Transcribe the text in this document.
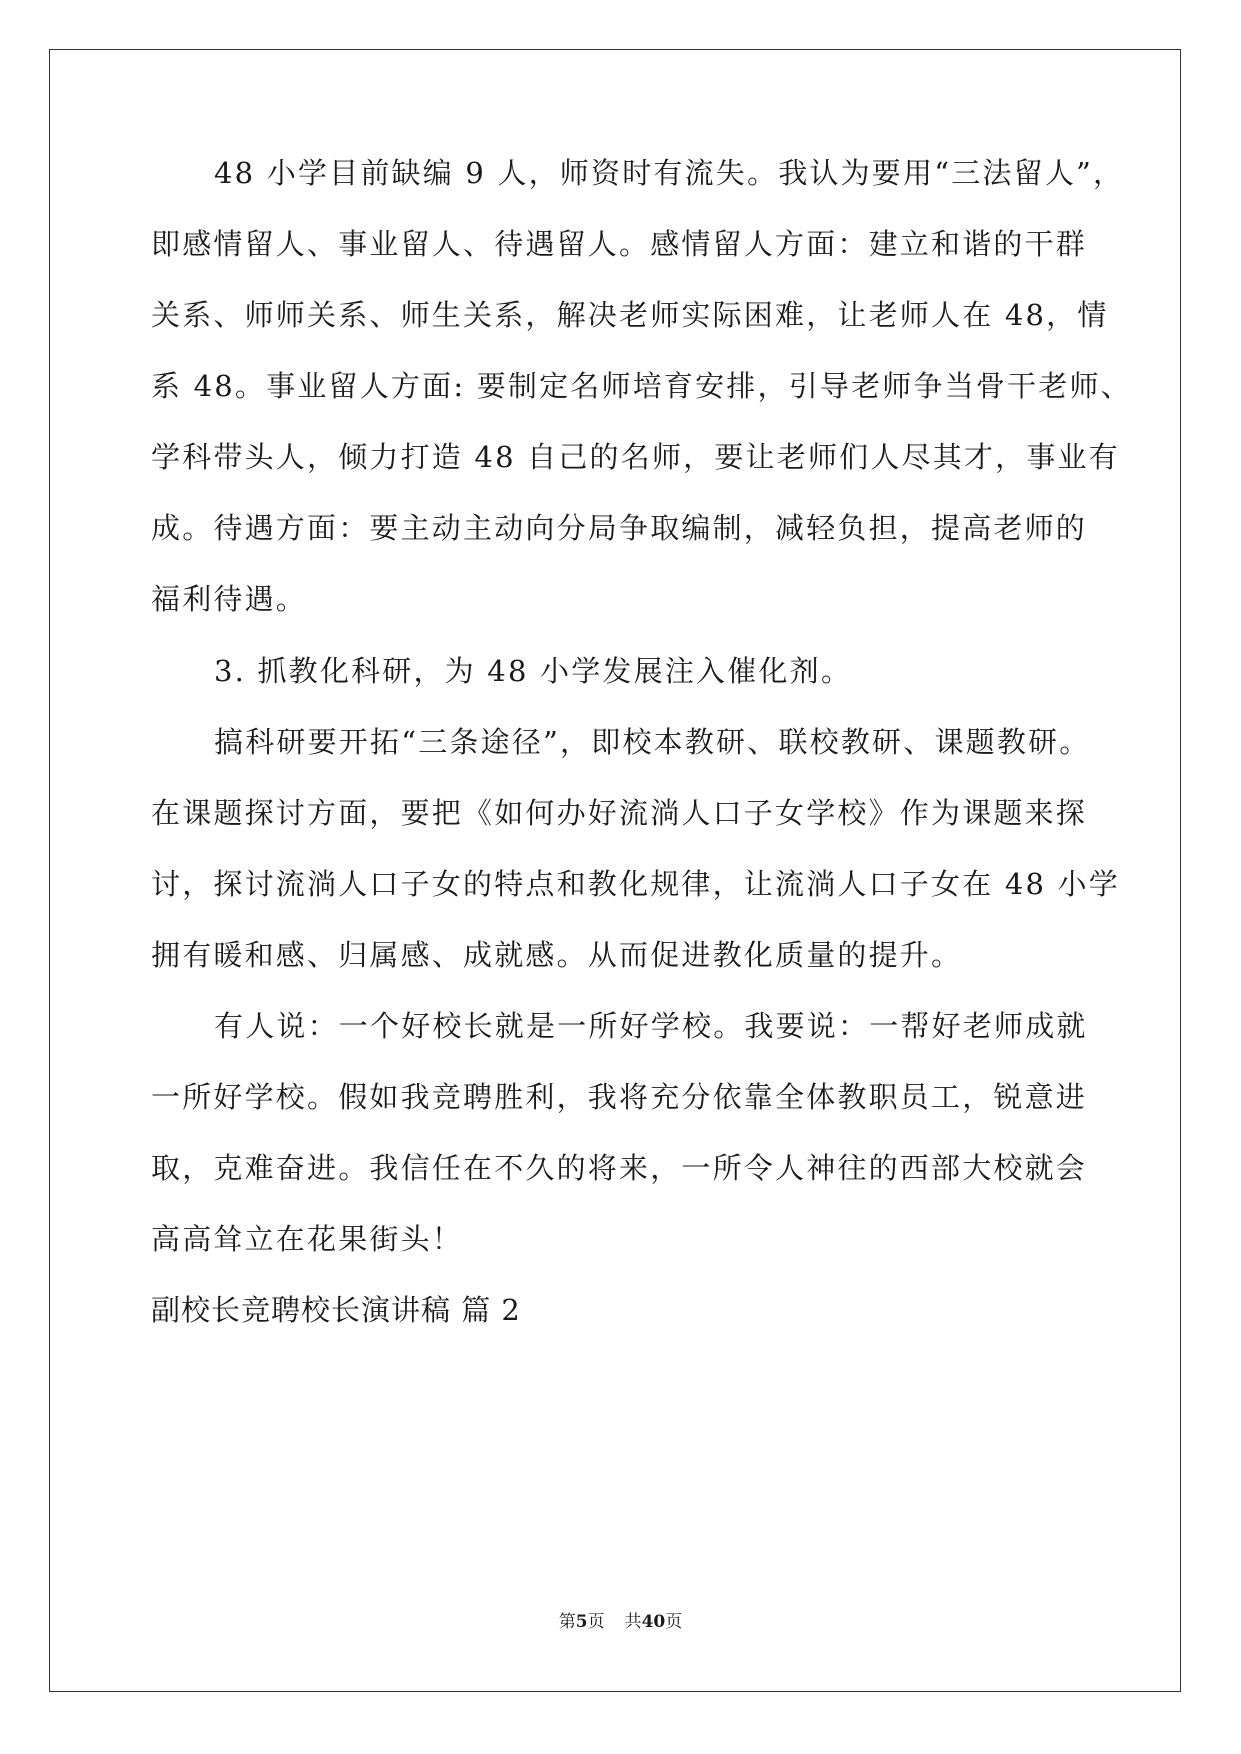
48 小学目前缺编 9 人，师资时有流失。我认为要用“三法留人”，
即感情留人、事业留人、待遇留人。感情留人方面：建立和谐的干群
关系、师师关系、师生关系，解决老师实际困难，让老师人在 48，情
系 48。事业留人方面: 要制定名师培育安排，引导老师争当骨干老师、
学科带头人，倾力打造 48 自己的名师，要让老师们人尽其才，事业有
成。待遇方面：要主动主动向分局争取编制，减轻负担，提高老师的
福利待遇。
3. 抓教化科研，为 48 小学发展注入催化剂。
搞科研要开拓“三条途径”，即校本教研、联校教研、课题教研。
在课题探讨方面，要把《如何办好流淌人口子女学校》作为课题来探
讨，探讨流淌人口子女的特点和教化规律，让流淌人口子女在 48 小学
拥有暖和感、归属感、成就感。从而促进教化质量的提升。
有人说：一个好校长就是一所好学校。我要说：一帮好老师成就
一所好学校。假如我竞聘胜利，我将充分依靠全体教职员工，锐意进
取，克难奋进。我信任在不久的将来，一所令人神往的西部大校就会
高高耸立在花果街头！
副校长竞聘校长演讲稿 篇 2
第5页 共40页
